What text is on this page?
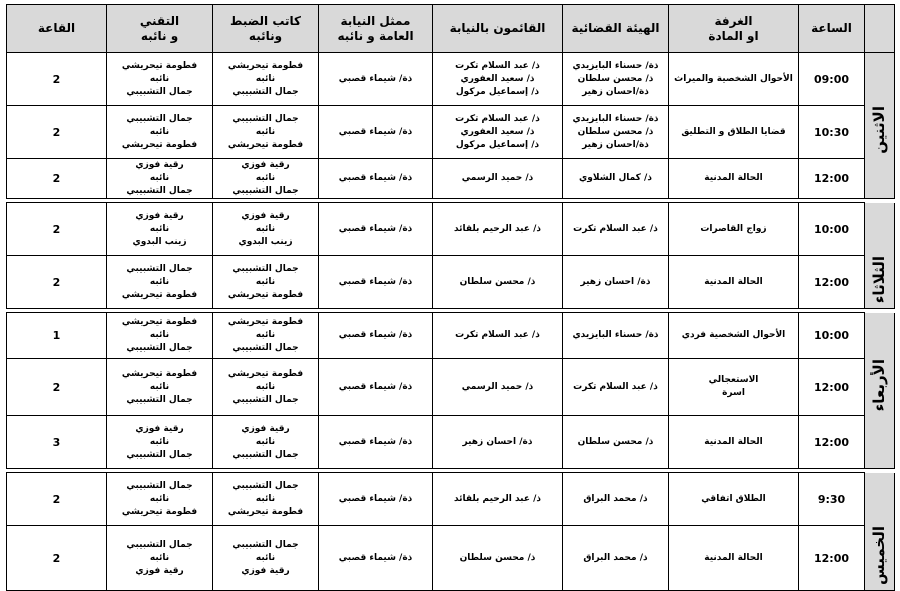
	الساعة	الغرفة
او المادة	الهيئة القضائية	القائمون بالنيابة	ممثل النيابة
العامة و نائبه	كاتب الضبط
ونائبه	التقني
و نائبه	القاعة
	09:00	الأحوال الشخصية والميراث	ذة/ حسناء البايزيدي
ذ/ محسن سلطان
ذة/احسان زهير	ذ/ عبد السلام تكرت
ذ/ سعيد العفوري
ذ/ إسماعيل مركول	ذة/ شيماء قصبي	فطومة تيحريشي
نائبه
جمال التشبيبي	فطومة تيحريشي
نائبه
جمال التشبيبي	2
الاثنين	10:30	قضايا الطلاق و التطليق	ذة/ حسناء البايزيدي
ذ/ محسن سلطان
ذة/احسان زهير	ذ/ عبد السلام تكرت
ذ/ سعيد العفوري
ذ/ إسماعيل مركول	ذة/ شيماء قصبي	جمال التشبيبي
نائبه
فطومة تيحريشي	جمال التشبيبي
نائبه
فطومة تيحريشي	2
	12:00	الحالة المدنية	ذ/ كمال الشلاوي	ذ/ حميد الرسمي	ذة/ شيماء قصبي	رقية فوزي
نائبه
جمال التشبيبي	رقية فوزي
نائبه
جمال التشبيبي	2

	10:00	زواج القاصرات	ذ/ عبد السلام تكرت	ذ/ عبد الرحيم بلقائد	ذة/ شيماء قصبي	رقية فوزي
نائبه
زينب البدوي	رقية فوزي
نائبه
زينب البدوي	2
الثلاثاء	12:00	الحالة المدنية	ذة/ احسان زهير	ذ/ محسن سلطان	ذة/ شيماء قصبي	جمال التشبيبي
نائبه
فطومة تيحريشي	جمال التشبيبي
نائبه
فطومة تيحريشي	2

	10:00	الأحوال الشخصية فردي	ذة/ حسناء البايزيدي	ذ/ عبد السلام تكرت	ذة/ شيماء قصبي	فطومة تيحريشي
نائبه
جمال التشبيبي	فطومة تيحريشي
نائبه
جمال التشبيبي	1
الأربعاء	12:00	الاستعجالي
اسرة	ذ/ عبد السلام تكرت	ذ/ حميد الرسمي	ذة/ شيماء قصبي	فطومة تيحريشي
نائبه
جمال التشبيبي	فطومة تيحريشي
نائبه
جمال التشبيبي	2
	12:00	الحالة المدنية	ذ/ محسن سلطان	ذة/ احسان زهير	ذة/ شيماء قصبي	رقية فوزي
نائبه
جمال التشبيبي	رقية فوزي
نائبه
جمال التشبيبي	3

	9:30	الطلاق اتفاقي	ذ/ محمد البراق	ذ/ عبد الرحيم بلقائد	ذة/ شيماء قصبي	جمال التشبيبي
نائبه
فطومة تيحريشي	جمال التشبيبي
نائبه
فطومة تيحريشي	2
الخميس	12:00	الحالة المدنية	ذ/ محمد البراق	ذ/ محسن سلطان	ذة/ شيماء قصبي	جمال التشبيبي
نائبه
رقية فوزي	جمال التشبيبي
نائبه
رقية فوزي	2
